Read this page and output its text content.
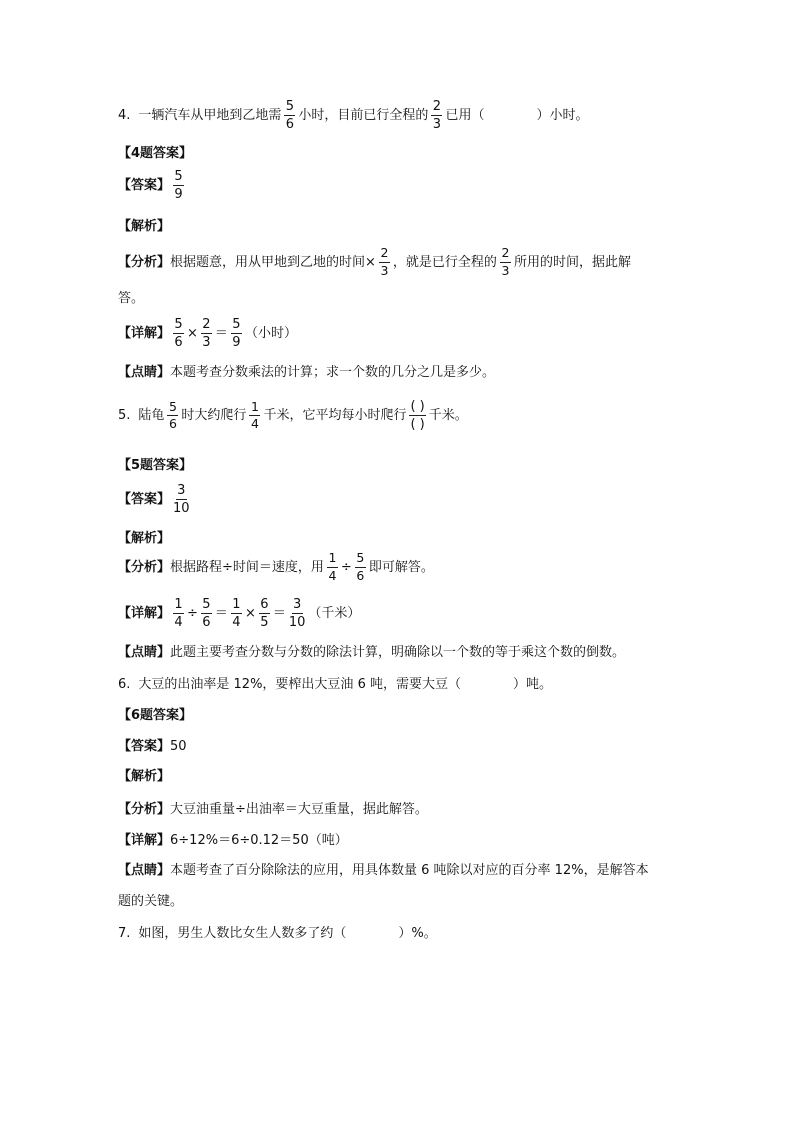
4. 一辆汽车从甲地到乙地需 $\frac{5}{6}$ 小时，目前已行全程的 $\frac{2}{3}$ 已用（	）小时。
【4题答案】
【答案】 $\frac{5}{9}$
【解析】
【分析】 根据题意，用从甲地到乙地的时间× $\frac{2}{3}$ ，就是已行全程的 $\frac{2}{3}$ 所用的时间，据此解
答。
【详解】 $\frac{5}{6} \times \frac{2}{3} = \frac{5}{9}$ （小时）
【点睛】 本题考查分数乘法的计算；求一个数的几分之几是多少。
5. 陆龟 $\frac{5}{6}$ 时大约爬行 $\frac{1}{4}$ 千米，它平均每小时爬行 $\frac{( )}{( )}$ 千米。
【5题答案】
【答案】 $\frac{3}{10}$
【解析】
【分析】 根据路程÷时间＝速度，用 $\frac{1}{4} \div \frac{5}{6}$ 即可解答。
【详解】 $\frac{1}{4} \div \frac{5}{6} = \frac{1}{4} \times \frac{6}{5} = \frac{3}{10}$ （千米）
【点睛】 此题主要考查分数与分数的除法计算，明确除以一个数的等于乘这个数的倒数。
6. 大豆的出油率是 12%，要榨出大豆油 6 吨，需要大豆（	）吨。
【6题答案】
【答案】 50
【解析】
【分析】 大豆油重量÷出油率＝大豆重量，据此解答。
【详解】 6÷12%＝6÷0.12＝50（吨）
【点睛】 本题考查了百分除除法的应用，用具体数量 6 吨除以对应的百分率 12%，是解答本
题的关键。
7. 如图，男生人数比女生人数多了约（	）%。
